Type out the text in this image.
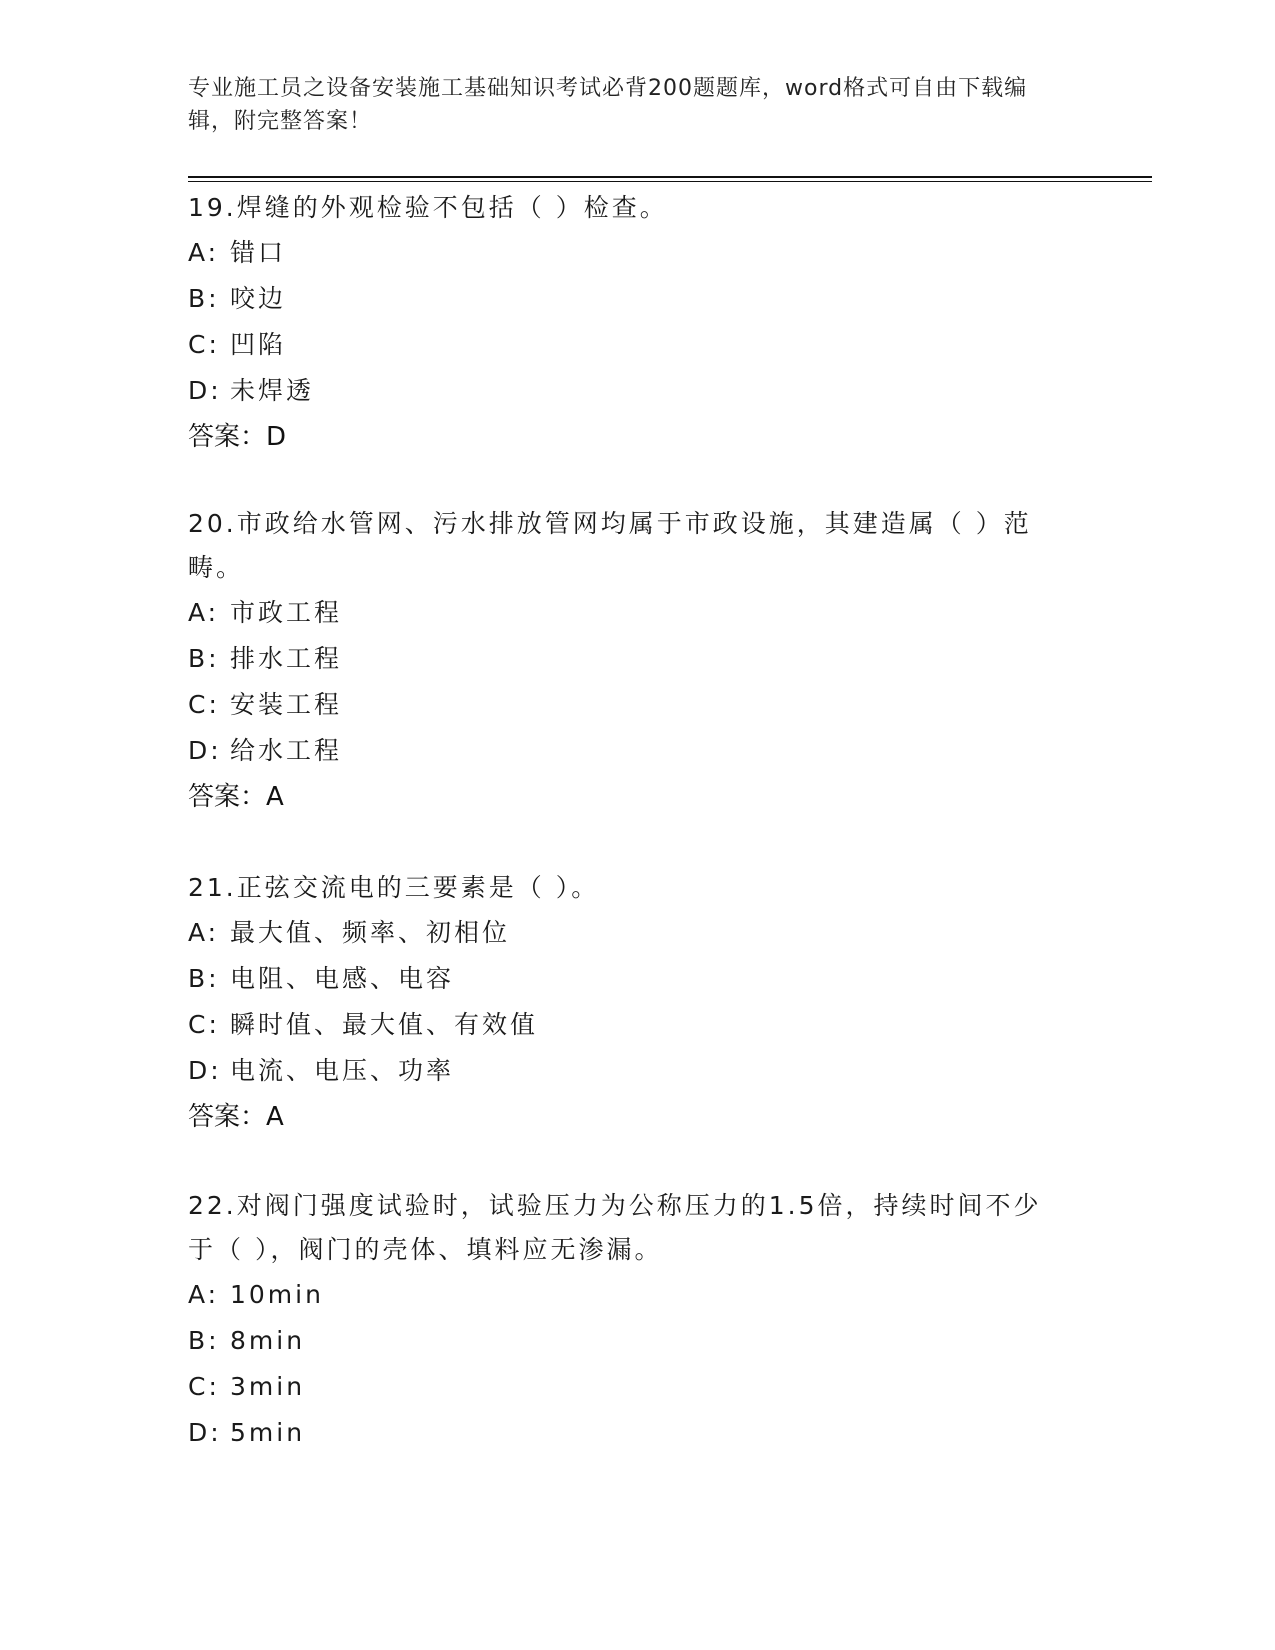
专业施工员之设备安装施工基础知识考试必背200题题库，word格式可自由下载编辑，附完整答案！

19.焊缝的外观检验不包括（ ）检查。

A: 错口

B: 咬边

C: 凹陷

D: 未焊透

答案：D

20.市政给水管网、污水排放管网均属于市政设施，其建造属（ ）范畴。

A: 市政工程

B: 排水工程

C: 安装工程

D: 给水工程

答案：A

21.正弦交流电的三要素是（ ）。

A: 最大值、频率、初相位

B: 电阻、电感、电容

C: 瞬时值、最大值、有效值

D: 电流、电压、功率

答案：A

22.对阀门强度试验时，试验压力为公称压力的1.5倍，持续时间不少于（ ），阀门的壳体、填料应无渗漏。

A: 10min

B: 8min

C: 3min

D: 5min
